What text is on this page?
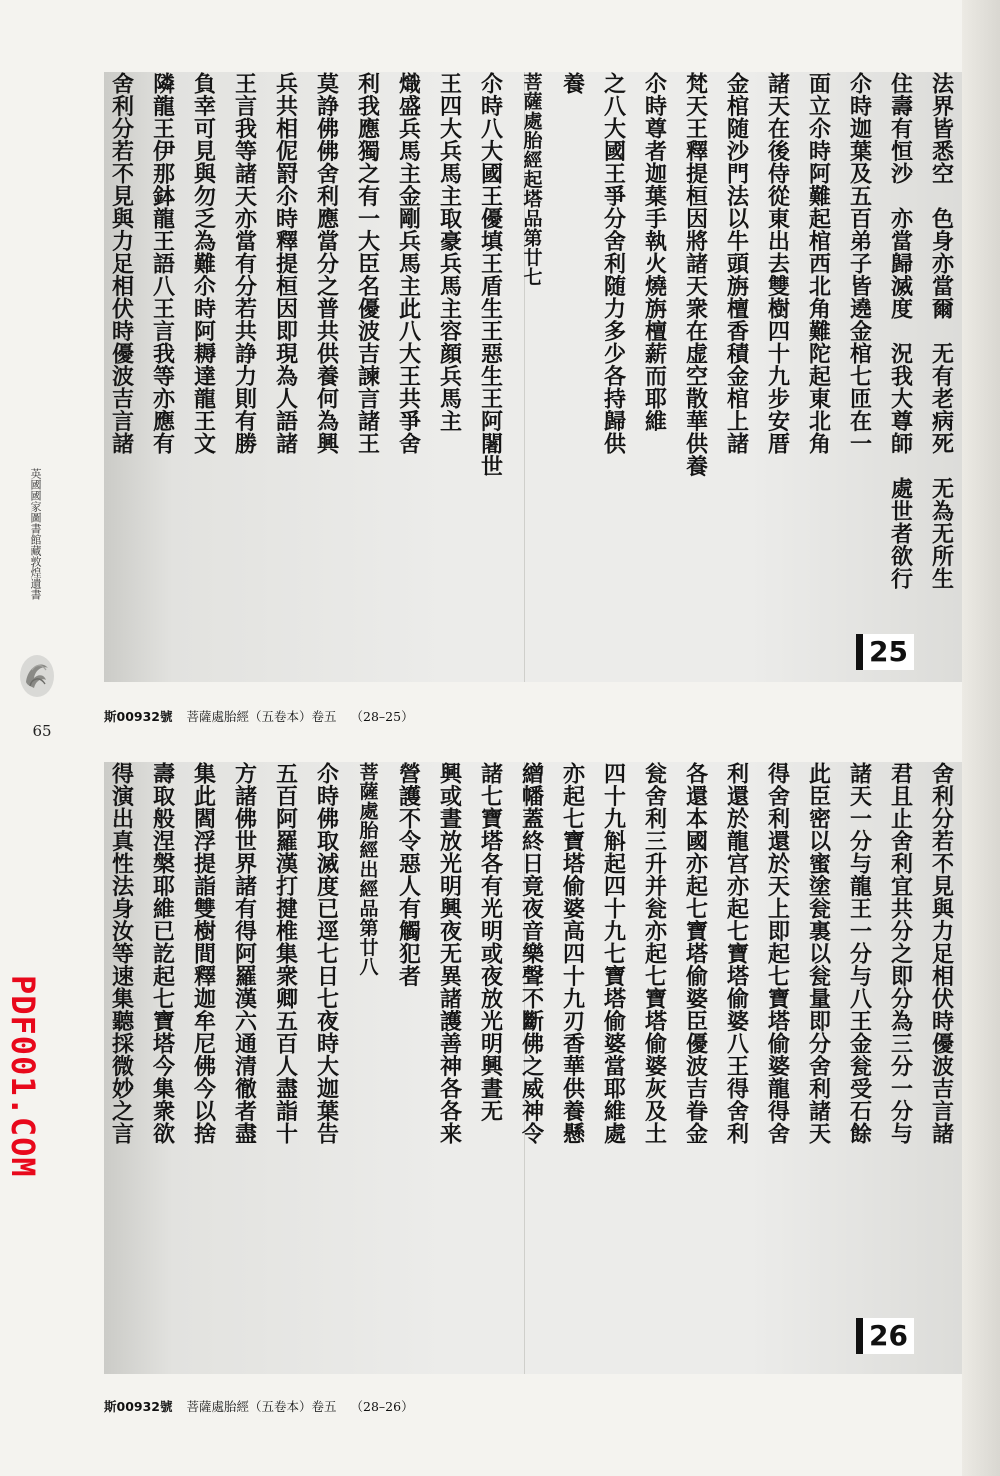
英國國家圖書館藏敦煌遺書
65
PDF001.COM
法界皆悉空　色身亦當爾　无有老病死　无為无所生
住壽有恒沙　亦當歸滅度　況我大尊師　處世者欲行
尒時迦葉及五百弟子皆遶金棺七匝在一
面立尒時阿難起棺西北角難陀起東北角
諸天在後侍從東出去雙樹四十九步安厝
金棺随沙門法以牛頭旃檀香積金棺上諸
梵天王釋提桓因將諸天衆在虚空散華供養
尒時尊者迦葉手執火燒旃檀薪而耶維
之八大國王爭分舍利随力多少各持歸供
養
菩薩處胎經起塔品第廿七
尒時八大國王優填王盾生王惡生王阿闍世
王四大兵馬主取豪兵馬主容顔兵馬主
熾盛兵馬主金剛兵馬主此八大王共爭舍
利我應獨之有一大臣名優波吉諫言諸王
莫諍佛佛舍利應當分之普共供養何為興
兵共相伲罸尒時釋提桓因即現為人語諸
王言我等諸天亦當有分若共諍力則有勝
負幸可見與勿乏為難尒時阿耨達龍王文
隣龍王伊那鉢龍王語八王言我等亦應有
舍利分若不見與力足相伏時優波吉言諸
25
斯00932號 菩薩處胎經（五卷本）卷五 （28–25）
舍利分若不見與力足相伏時優波吉言諸
君且止舍利宜共分之即分為三分一分与
諸天一分与龍王一分与八王金瓮受石餘
此臣密以蜜塗瓮裏以瓮量即分舍利諸天
得舍利還於天上即起七寶塔偷婆龍得舍
利還於龍宫亦起七寶塔偷婆八王得舍利
各還本國亦起七寶塔偷婆臣優波吉眷金
瓮舍利三升并瓮亦起七寶塔偷婆灰及土
四十九斛起四十九七寶塔偷婆當耶維處
亦起七寶塔偷婆高四十九刃香華供養懸
繒幡蓋終日竟夜音樂聲不斷佛之威神令
諸七寶塔各有光明或夜放光明興晝无
興或晝放光明興夜无異諸護善神各各来
營護不令惡人有觸犯者
菩薩處胎經出經品第廿八
尒時佛取滅度已逕七日七夜時大迦葉告
五百阿羅漢打揵椎集衆卿五百人盡詣十
方諸佛世界諸有得阿羅漢六通清徹者盡
集此閻浮提詣雙樹間釋迦牟尼佛今以捨
壽取般涅槃耶維已訖起七寶塔今集衆欲
得演出真性法身汝等速集聽採微妙之言
26
斯00932號 菩薩處胎經（五卷本）卷五 （28–26）
